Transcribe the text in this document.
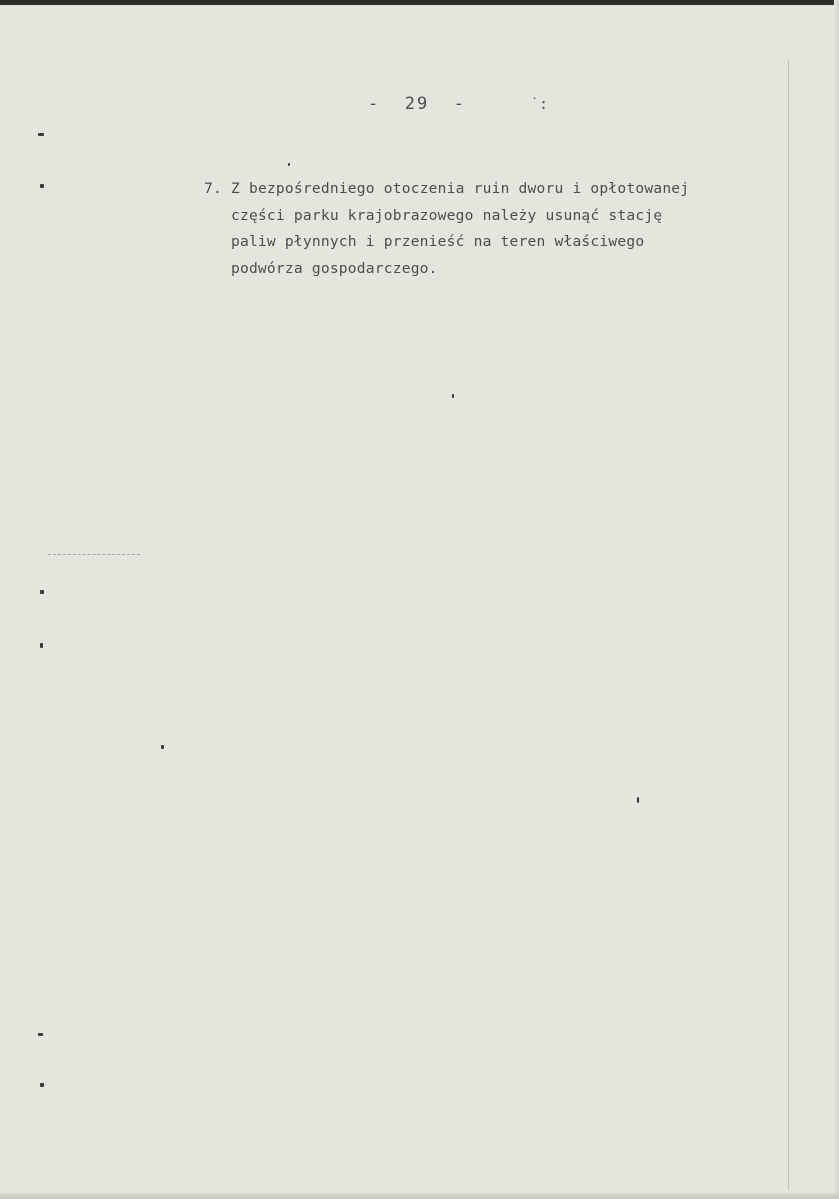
-  29  -	˙:
7. Z bezpośredniego otoczenia ruin dworu i opłotowanej
części parku krajobrazowego należy usunąć stację
paliw płynnych i przenieść na teren właściwego
podwórza gospodarczego.
